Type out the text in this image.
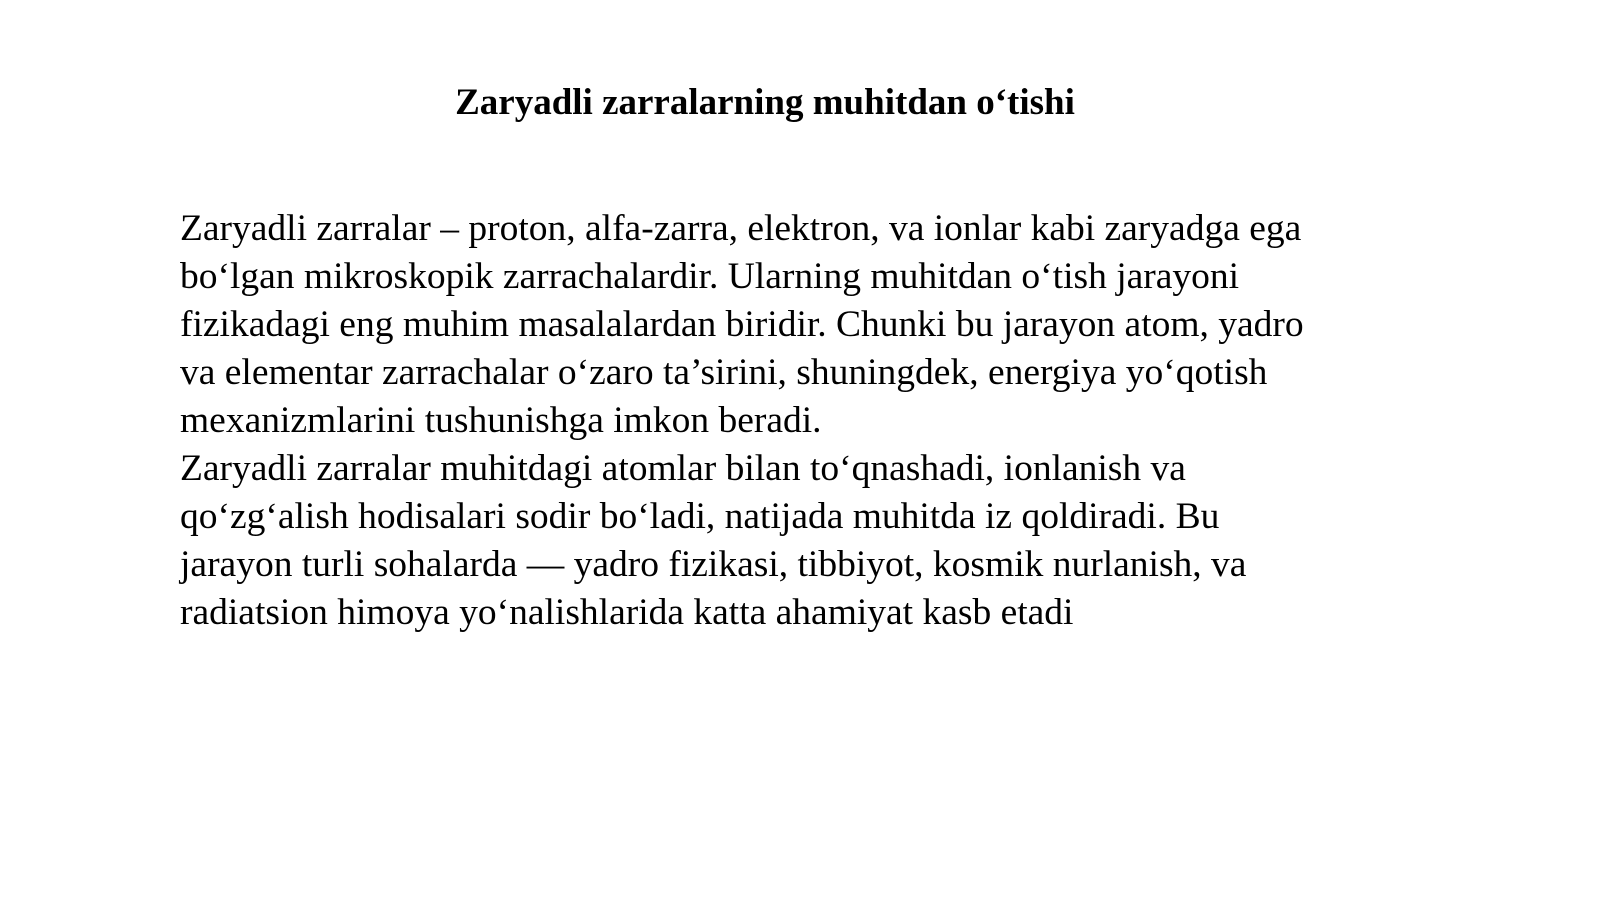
Zaryadli zarralarning muhitdan o‘tishi
Zaryadli zarralar – proton, alfa-zarra, elektron, va ionlar kabi zaryadga ega
bo‘lgan mikroskopik zarrachalardir. Ularning muhitdan o‘tish jarayoni
fizikadagi eng muhim masalalardan biridir. Chunki bu jarayon atom, yadro
va elementar zarrachalar o‘zaro ta’sirini, shuningdek, energiya yo‘qotish
mexanizmlarini tushunishga imkon beradi.
Zaryadli zarralar muhitdagi atomlar bilan to‘qnashadi, ionlanish va
qo‘zg‘alish hodisalari sodir bo‘ladi, natijada muhitda iz qoldiradi. Bu
jarayon turli sohalarda — yadro fizikasi, tibbiyot, kosmik nurlanish, va
radiatsion himoya yo‘nalishlarida katta ahamiyat kasb etadi
